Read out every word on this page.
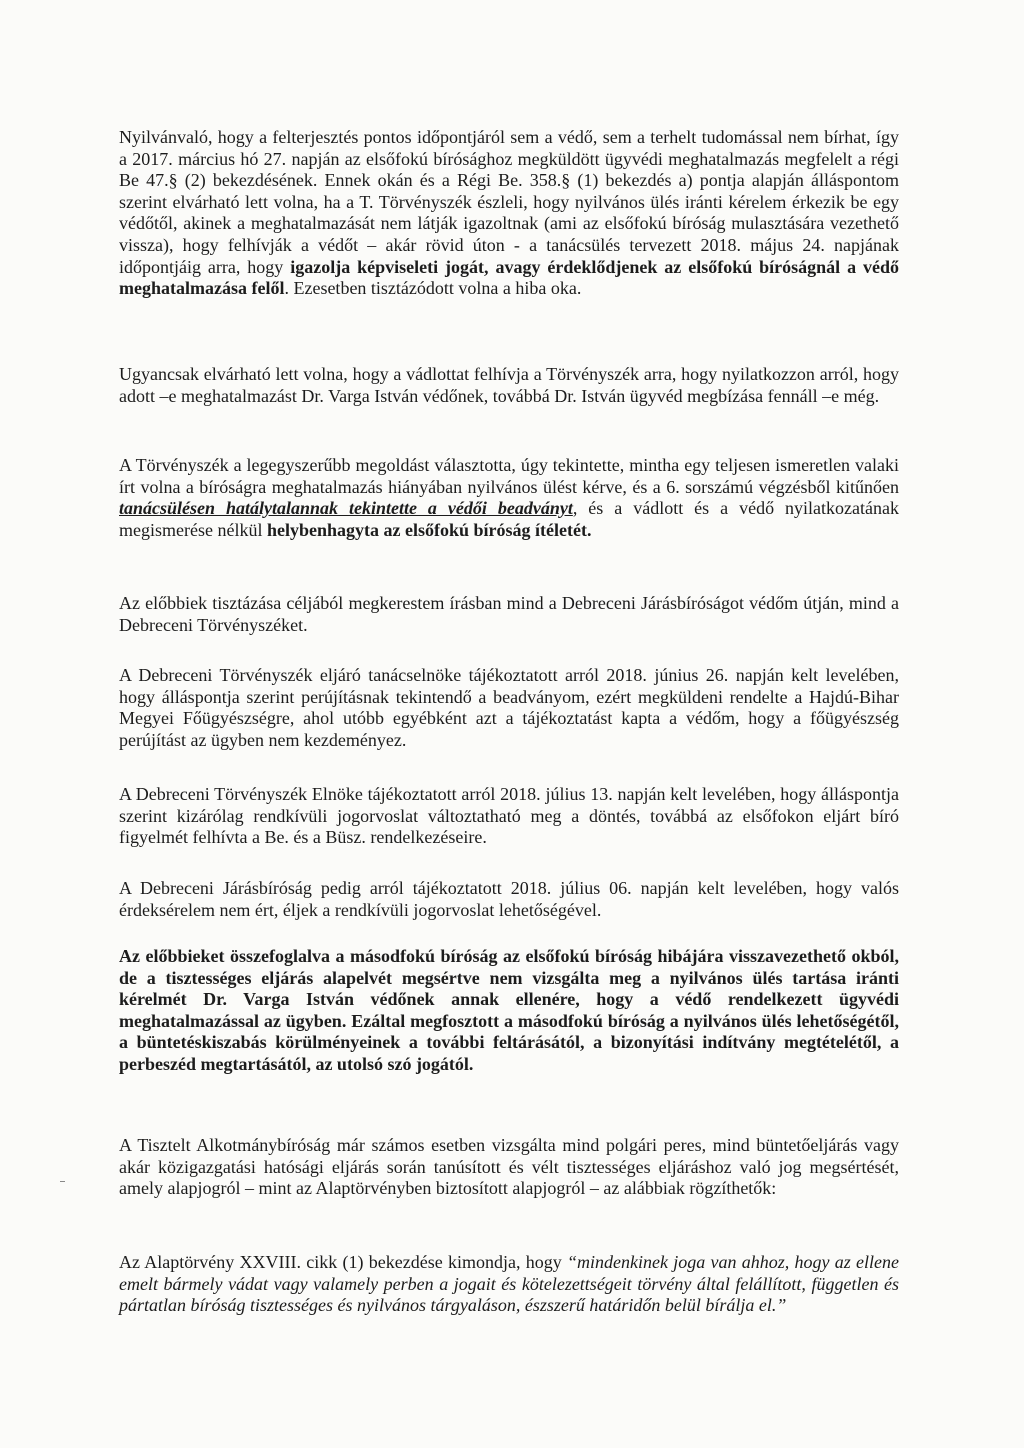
Nyilvánvaló, hogy a felterjesztés pontos időpontjáról sem a védő, sem a terhelt tudomással nem bírhat, így a 2017. március hó 27. napján az elsőfokú bírósághoz megküldött ügyvédi meghatalmazás megfelelt a régi Be 47.§ (2) bekezdésének. Ennek okán és a Régi Be. 358.§ (1) bekezdés a) pontja alapján álláspontom szerint elvárható lett volna, ha a T. Törvényszék észleli, hogy nyilvános ülés iránti kérelem érkezik be egy védőtől, akinek a meghatalmazását nem látják igazoltnak (ami az elsőfokú bíróság mulasztására vezethető vissza), hogy felhívják a védőt – akár rövid úton - a tanácsülés tervezett 2018. május 24. napjának időpontjáig arra, hogy igazolja képviseleti jogát, avagy érdeklődjenek az elsőfokú bíróságnál a védő meghatalmazása felől. Ezesetben tisztázódott volna a hiba oka.

Ugyancsak elvárható lett volna, hogy a vádlottat felhívja a Törvényszék arra, hogy nyilatkozzon arról, hogy adott –e meghatalmazást Dr. Varga István védőnek, továbbá Dr. István ügyvéd megbízása fennáll –e még.

A Törvényszék a legegyszerűbb megoldást választotta, úgy tekintette, mintha egy teljesen ismeretlen valaki írt volna a bíróságra meghatalmazás hiányában nyilvános ülést kérve, és a 6. sorszámú végzésből kitűnően tanácsülésen hatálytalannak tekintette a védői beadványt, és a vádlott és a védő nyilatkozatának megismerése nélkül helybenhagyta az elsőfokú bíróság ítéletét.

Az előbbiek tisztázása céljából megkerestem írásban mind a Debreceni Járásbíróságot védőm útján, mind a Debreceni Törvényszéket.

A Debreceni Törvényszék eljáró tanácselnöke tájékoztatott arról 2018. június 26. napján kelt levelében, hogy álláspontja szerint perújításnak tekintendő a beadványom, ezért megküldeni rendelte a Hajdú-Bihar Megyei Főügyészségre, ahol utóbb egyébként azt a tájékoztatást kapta a védőm, hogy a főügyészség perújítást az ügyben nem kezdeményez.

A Debreceni Törvényszék Elnöke tájékoztatott arról 2018. július 13. napján kelt levelében, hogy álláspontja szerint kizárólag rendkívüli jogorvoslat változtatható meg a döntés, továbbá az elsőfokon eljárt bíró figyelmét felhívta a Be. és a Büsz. rendelkezéseire.

A Debreceni Járásbíróság pedig arról tájékoztatott 2018. július 06. napján kelt levelében, hogy valós érdeksérelem nem ért, éljek a rendkívüli jogorvoslat lehetőségével.

Az előbbieket összefoglalva a másodfokú bíróság az elsőfokú bíróság hibájára visszavezethető okból, de a tisztességes eljárás alapelvét megsértve nem vizsgálta meg a nyilvános ülés tartása iránti kérelmét Dr. Varga István védőnek annak ellenére, hogy a védő rendelkezett ügyvédi meghatalmazással az ügyben. Ezáltal megfosztott a másodfokú bíróság a nyilvános ülés lehetőségétől, a büntetéskiszabás körülményeinek a további feltárásától, a bizonyítási indítvány megtételétől, a perbeszéd megtartásától, az utolsó szó jogától.

A Tisztelt Alkotmánybíróság már számos esetben vizsgálta mind polgári peres, mind büntetőeljárás vagy akár közigazgatási hatósági eljárás során tanúsított és vélt tisztességes eljáráshoz való jog megsértését, amely alapjogról – mint az Alaptörvényben biztosított alapjogról – az alábbiak rögzíthetők:

Az Alaptörvény XXVIII. cikk (1) bekezdése kimondja, hogy “mindenkinek joga van ahhoz, hogy az ellene emelt bármely vádat vagy valamely perben a jogait és kötelezettségeit törvény által felállított, független és pártatlan bíróság tisztességes és nyilvános tárgyaláson, észszerű határidőn belül bírálja el.”
